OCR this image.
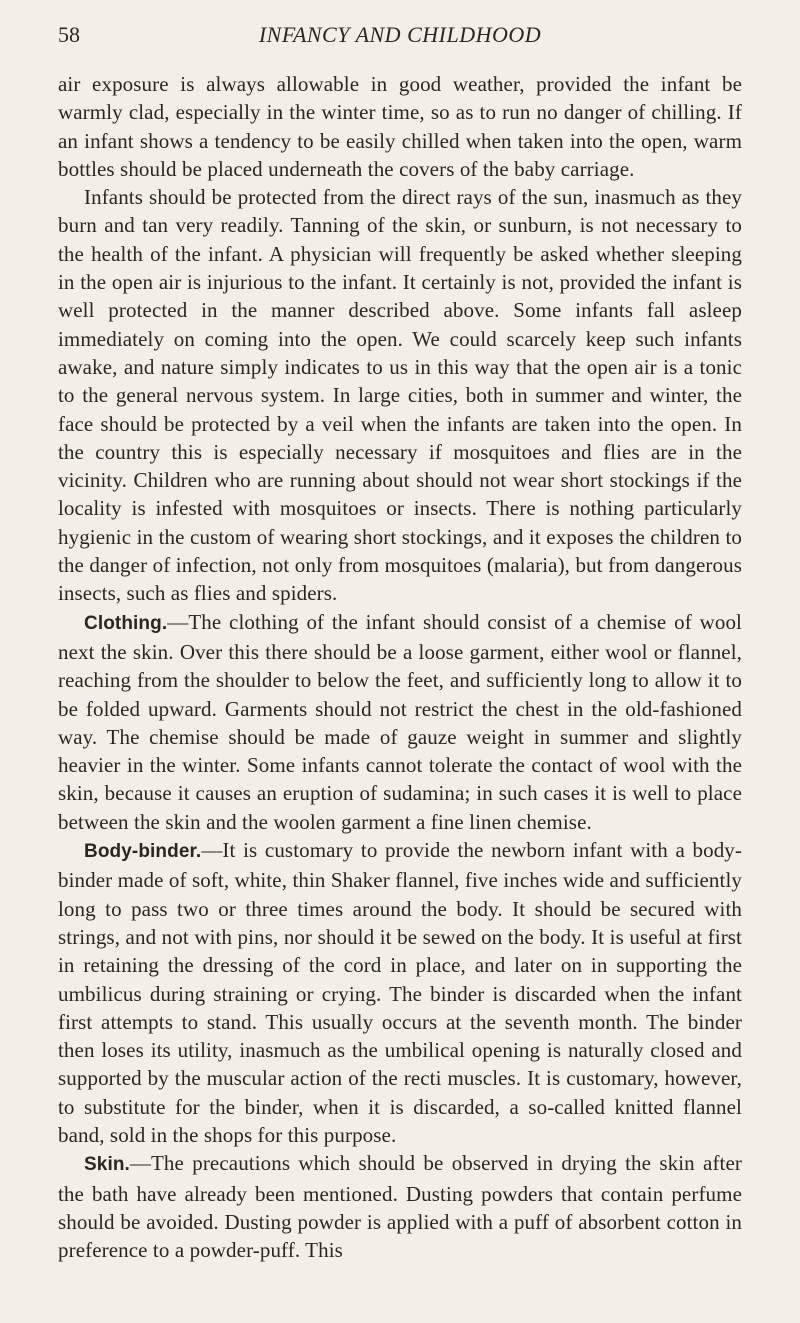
58	INFANCY AND CHILDHOOD

air exposure is always allowable in good weather, provided the infant be warmly clad, especially in the winter time, so as to run no danger of chilling. If an infant shows a tendency to be easily chilled when taken into the open, warm bottles should be placed underneath the covers of the baby carriage.

Infants should be protected from the direct rays of the sun, inasmuch as they burn and tan very readily. Tanning of the skin, or sunburn, is not necessary to the health of the infant. A physician will frequently be asked whether sleeping in the open air is injurious to the infant. It certainly is not, provided the infant is well protected in the manner described above. Some infants fall asleep immediately on coming into the open. We could scarcely keep such infants awake, and nature simply indicates to us in this way that the open air is a tonic to the general nervous system. In large cities, both in summer and winter, the face should be protected by a veil when the infants are taken into the open. In the country this is especially necessary if mosquitoes and flies are in the vicinity. Children who are running about should not wear short stockings if the locality is infested with mosquitoes or insects. There is nothing particularly hygienic in the custom of wearing short stockings, and it exposes the children to the danger of infection, not only from mosquitoes (malaria), but from dangerous insects, such as flies and spiders.

Clothing.—The clothing of the infant should consist of a chemise of wool next the skin. Over this there should be a loose garment, either wool or flannel, reaching from the shoulder to below the feet, and sufficiently long to allow it to be folded upward. Garments should not restrict the chest in the old-fashioned way. The chemise should be made of gauze weight in summer and slightly heavier in the winter. Some infants cannot tolerate the contact of wool with the skin, because it causes an eruption of sudamina; in such cases it is well to place between the skin and the woolen garment a fine linen chemise.

Body-binder.—It is customary to provide the newborn infant with a body-binder made of soft, white, thin Shaker flannel, five inches wide and sufficiently long to pass two or three times around the body. It should be secured with strings, and not with pins, nor should it be sewed on the body. It is useful at first in retaining the dressing of the cord in place, and later on in supporting the umbilicus during straining or crying. The binder is discarded when the infant first attempts to stand. This usually occurs at the seventh month. The binder then loses its utility, inasmuch as the umbilical opening is naturally closed and supported by the muscular action of the recti muscles. It is customary, however, to substitute for the binder, when it is discarded, a so-called knitted flannel band, sold in the shops for this purpose.

Skin.—The precautions which should be observed in drying the skin after the bath have already been mentioned. Dusting powders that contain perfume should be avoided. Dusting powder is applied with a puff of absorbent cotton in preference to a powder-puff. This
